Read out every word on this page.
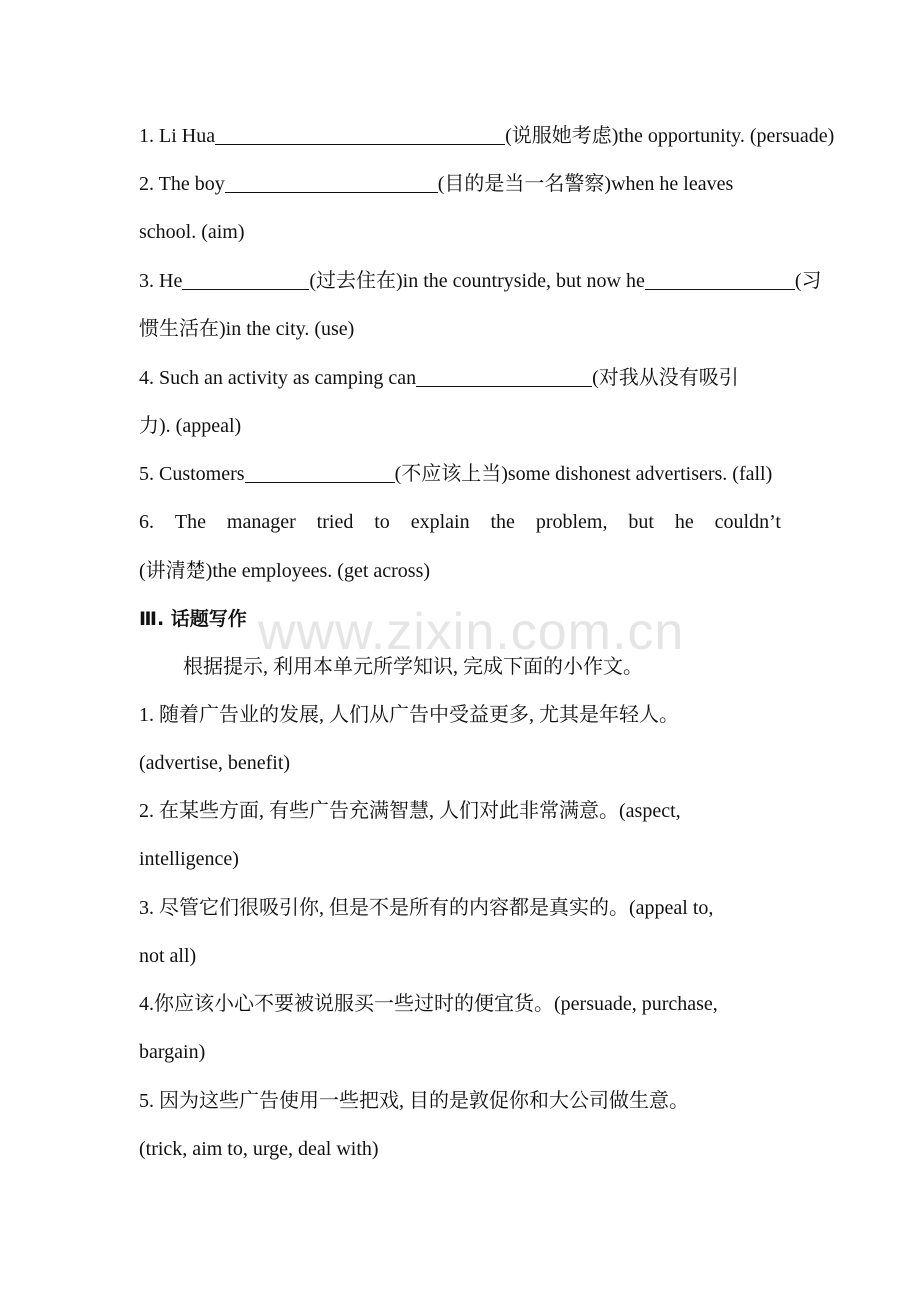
1. Li Hua	(说服她考虑)the opportunity. (persuade)
2. The boy	(目的是当一名警察)when he leaves
school. (aim)
3. He	(过去住在)in the countryside, but now he	(习
惯生活在)in the city. (use)
4. Such an activity as camping can	(对我从没有吸引
力). (appeal)
5. Customers	(不应该上当)some dishonest advertisers. (fall)
6. The manager tried to explain the problem, but he couldn’t
(讲清楚)the employees. (get across)
Ⅲ. 话题写作
根据提示, 利用本单元所学知识, 完成下面的小作文。
1. 随着广告业的发展, 人们从广告中受益更多, 尤其是年轻人。
(advertise, benefit)
2. 在某些方面, 有些广告充满智慧, 人们对此非常满意。(aspect,
intelligence)
3. 尽管它们很吸引你, 但是不是所有的内容都是真实的。(appeal to,
not all)
4.你应该小心不要被说服买一些过时的便宜货。(persuade, purchase,
bargain)
5. 因为这些广告使用一些把戏, 目的是敦促你和大公司做生意。
(trick, aim to, urge, deal with)
www.zixin.com.cn
